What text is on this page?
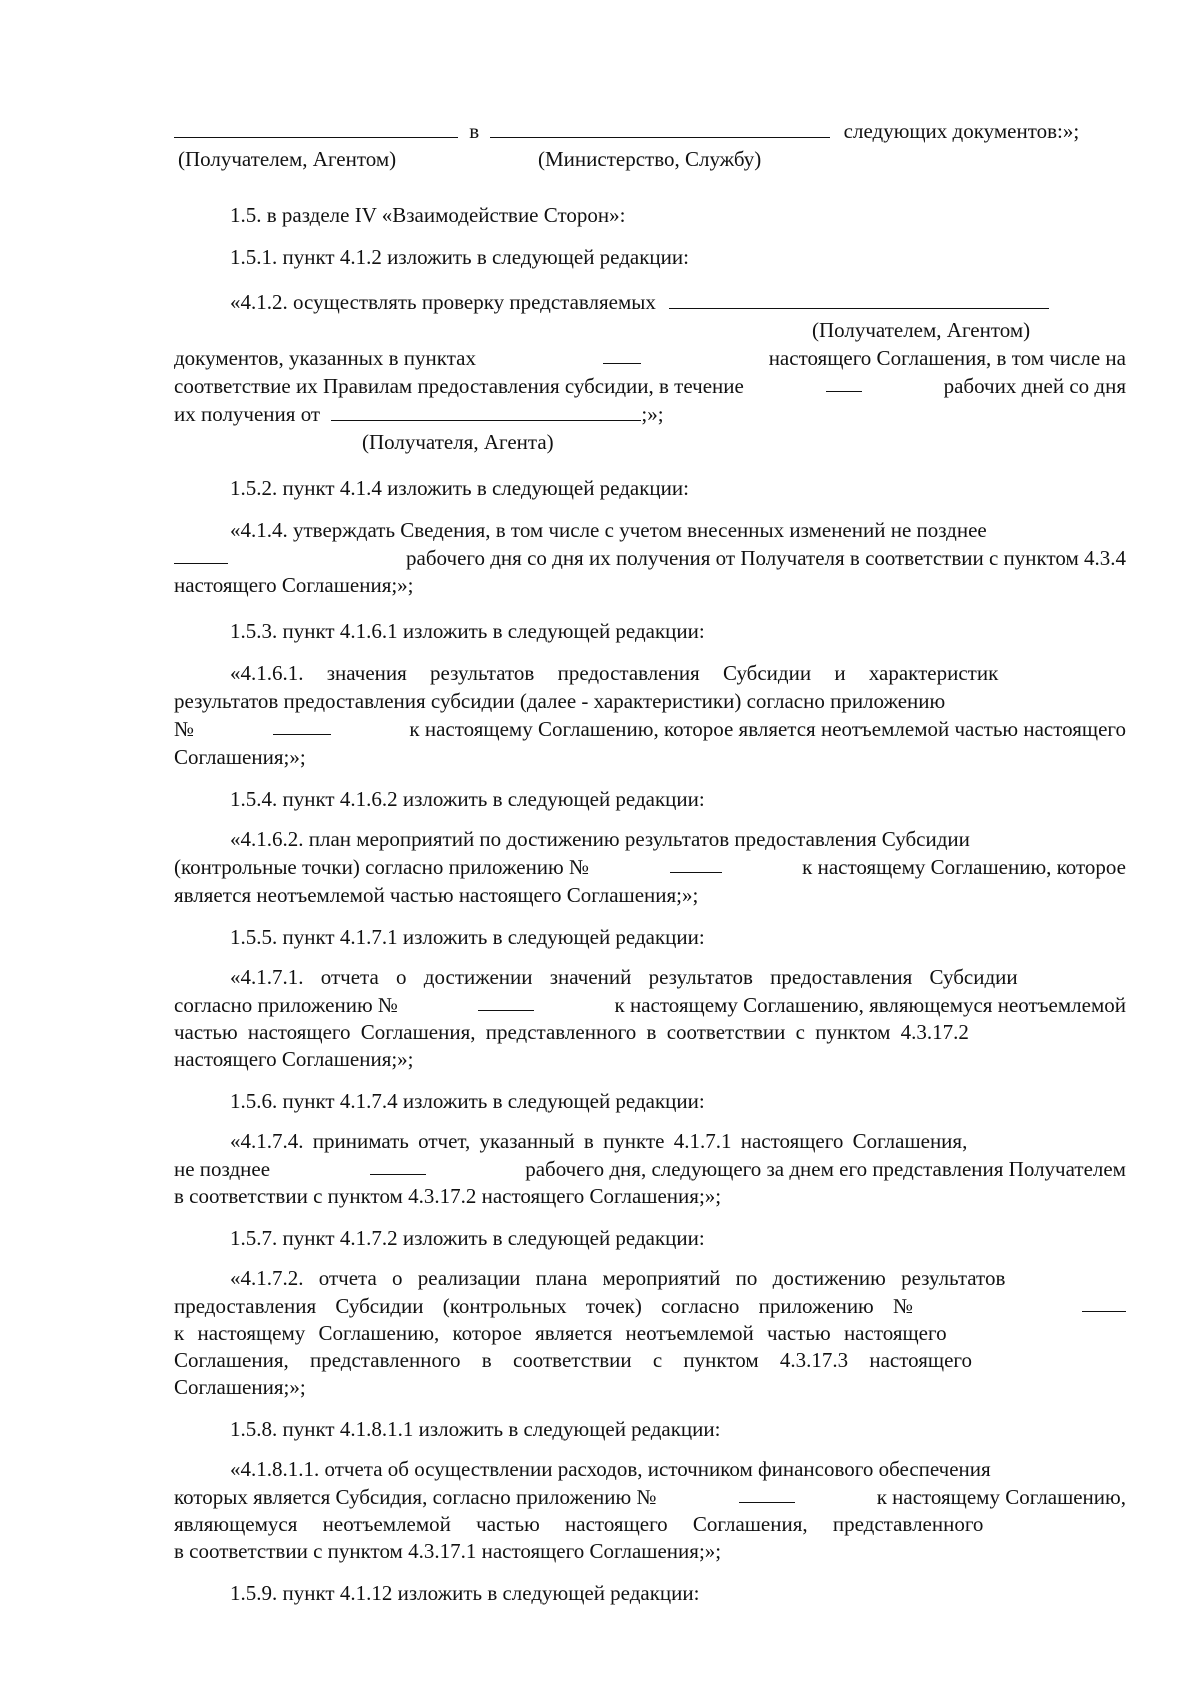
в	следующих документов:»;
(Получателем, Агентом)	(Министерство, Службу)
1.5. в разделе IV «Взаимодействие Сторон»:
1.5.1. пункт 4.1.2 изложить в следующей редакции:
«4.1.2. осуществлять проверку представляемых
(Получателем, Агентом)
документов, указанных в пунктах	настоящего Соглашения, в том числе на
соответствие их Правилам предоставления субсидии, в течение	рабочих дней со дня
их получения от	;»;
(Получателя, Агента)
1.5.2. пункт 4.1.4 изложить в следующей редакции:
«4.1.4. утверждать Сведения, в том числе с учетом внесенных изменений не позднее
рабочего дня со дня их получения от Получателя в соответствии с пунктом 4.3.4
настоящего Соглашения;»;
1.5.3. пункт 4.1.6.1 изложить в следующей редакции:
«4.1.6.1. значения результатов предоставления Субсидии и характеристик
результатов предоставления субсидии (далее - характеристики) согласно приложению
№	к настоящему Соглашению, которое является неотъемлемой частью настоящего
Соглашения;»;
1.5.4. пункт 4.1.6.2 изложить в следующей редакции:
«4.1.6.2. план мероприятий по достижению результатов предоставления Субсидии
(контрольные точки) согласно приложению №	к настоящему Соглашению, которое
является неотъемлемой частью настоящего Соглашения;»;
1.5.5. пункт 4.1.7.1 изложить в следующей редакции:
«4.1.7.1. отчета о достижении значений результатов предоставления Субсидии
согласно приложению №	к настоящему Соглашению, являющемуся неотъемлемой
частью настоящего Соглашения, представленного в соответствии с пунктом 4.3.17.2
настоящего Соглашения;»;
1.5.6. пункт 4.1.7.4 изложить в следующей редакции:
«4.1.7.4. принимать отчет, указанный в пункте 4.1.7.1 настоящего Соглашения,
не позднее	рабочего дня, следующего за днем его представления Получателем
в соответствии с пунктом 4.3.17.2 настоящего Соглашения;»;
1.5.7. пункт 4.1.7.2 изложить в следующей редакции:
«4.1.7.2. отчета о реализации плана мероприятий по достижению результатов
предоставления Субсидии (контрольных точек) согласно приложению №
к настоящему Соглашению, которое является неотъемлемой частью настоящего
Соглашения, представленного в соответствии с пунктом 4.3.17.3 настоящего
Соглашения;»;
1.5.8. пункт 4.1.8.1.1 изложить в следующей редакции:
«4.1.8.1.1. отчета об осуществлении расходов, источником финансового обеспечения
которых является Субсидия, согласно приложению №	к настоящему Соглашению,
являющемуся неотъемлемой частью настоящего Соглашения, представленного
в соответствии с пунктом 4.3.17.1 настоящего Соглашения;»;
1.5.9. пункт 4.1.12 изложить в следующей редакции:
